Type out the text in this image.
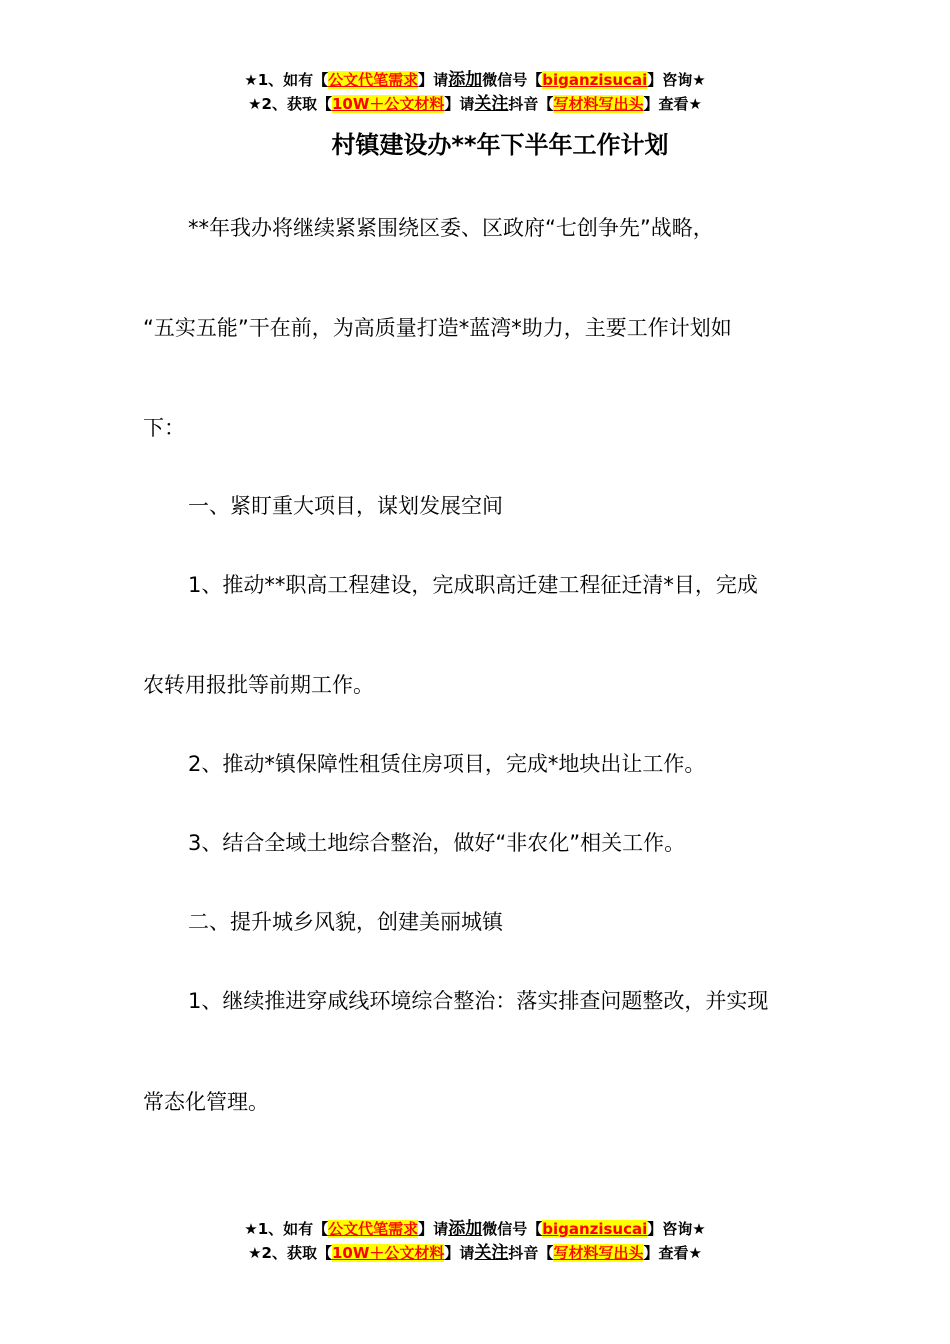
★1、如有【公文代笔需求】请添加微信号【biganzisucai】咨询★
★2、获取【10W＋公文材料】请关注抖音【写材料写出头】查看★
村镇建设办**年下半年工作计划
**年我办将继续紧紧围绕区委、区政府“七创争先”战略，
“五实五能”干在前，为高质量打造*蓝湾*助力，主要工作计划如
下：
一、紧盯重大项目，谋划发展空间
1、推动**职高工程建设，完成职高迁建工程征迁清*目，完成
农转用报批等前期工作。
2、推动*镇保障性租赁住房项目，完成*地块出让工作。
3、结合全域土地综合整治，做好“非农化”相关工作。
二、提升城乡风貌，创建美丽城镇
1、继续推进穿咸线环境综合整治：落实排查问题整改，并实现
常态化管理。
★1、如有【公文代笔需求】请添加微信号【biganzisucai】咨询★
★2、获取【10W＋公文材料】请关注抖音【写材料写出头】查看★
